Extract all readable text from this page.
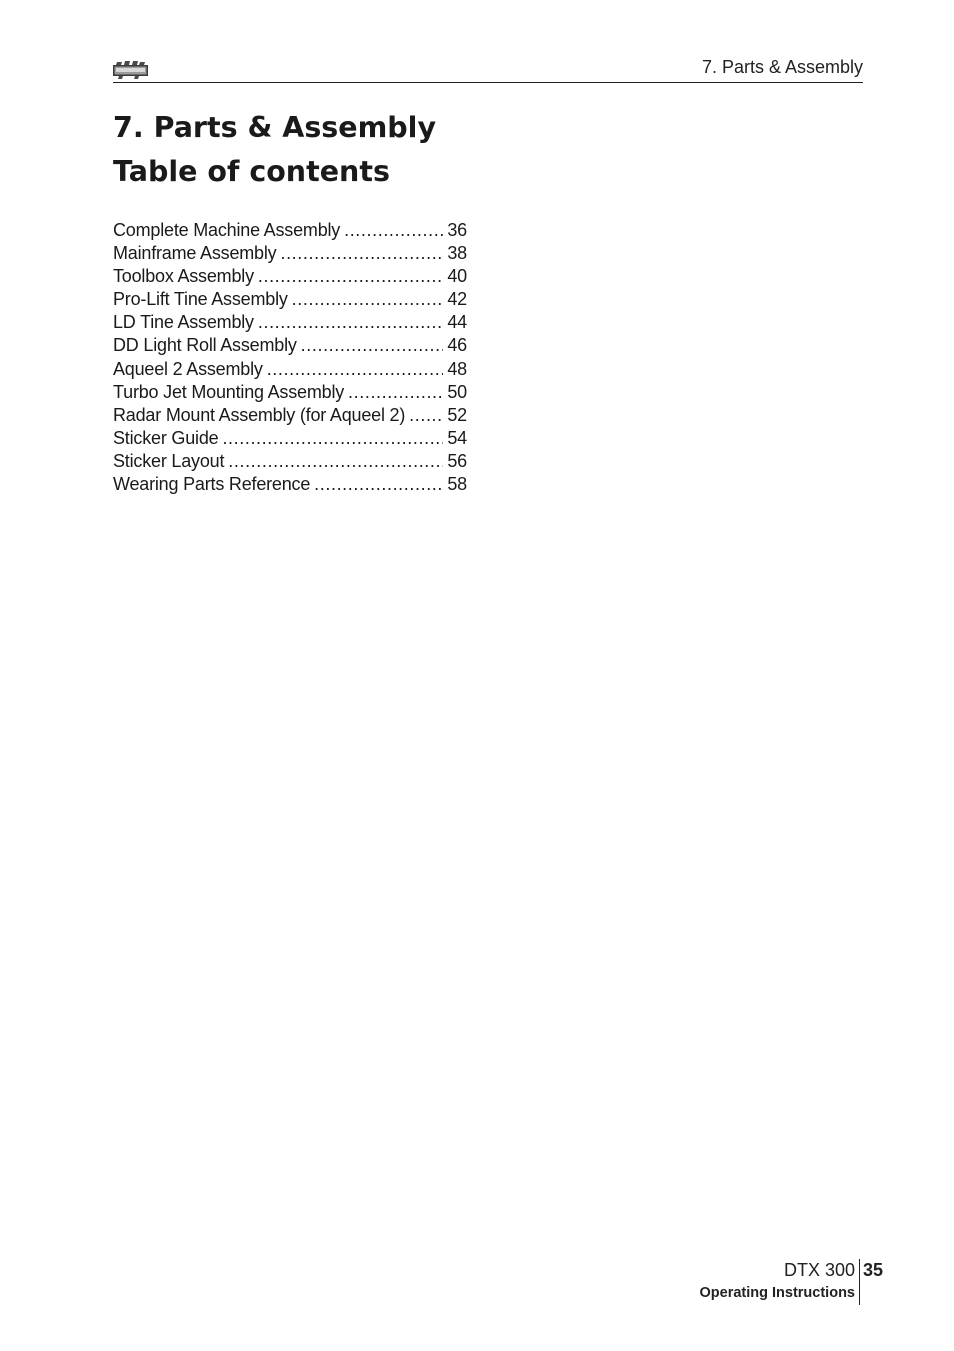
7. Parts & Assembly
7. Parts & Assembly
Table of contents
Complete Machine Assembly .....	36
Mainframe Assembly .....	38
Toolbox Assembly .....	40
Pro-Lift Tine Assembly .....	42
LD Tine Assembly .....	44
DD Light Roll Assembly .....	46
Aqueel 2 Assembly .....	48
Turbo Jet Mounting Assembly .....	50
Radar Mount Assembly (for Aqueel 2) ..... 52
Sticker Guide .....	54
Sticker Layout .....	56
Wearing Parts Reference .....	58
DTX 300
Operating Instructions
35
